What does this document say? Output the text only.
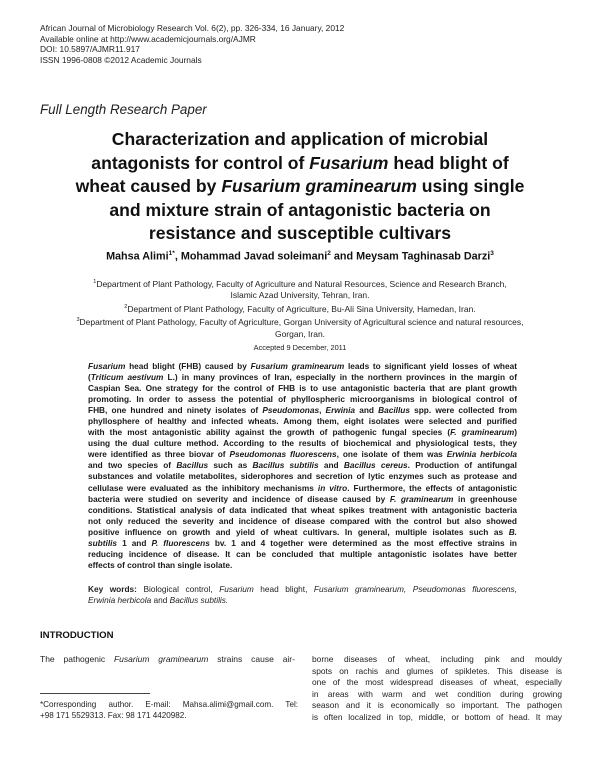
African Journal of Microbiology Research Vol. 6(2), pp. 326-334, 16 January, 2012
Available online at http://www.academicjournals.org/AJMR
DOI: 10.5897/AJMR11.917
ISSN 1996-0808 ©2012 Academic Journals
Full Length Research Paper
Characterization and application of microbial
antagonists for control of Fusarium head blight of
wheat caused by Fusarium graminearum using single
and mixture strain of antagonistic bacteria on
resistance and susceptible cultivars
Mahsa Alimi$^{1*}$, Mohammad Javad soleimani$^2$ and Meysam Taghinasab Darzi$^3$
$^1$Department of Plant Pathology, Faculty of Agriculture and Natural Resources, Science and Research Branch,
Islamic Azad University, Tehran, Iran.
$^2$Department of Plant Pathology, Faculty of Agriculture, Bu-Ali Sina University, Hamedan, Iran.
$^3$Department of Plant Pathology, Faculty of Agriculture, Gorgan University of Agricultural science and natural resources,
Gorgan, Iran.
Accepted 9 December, 2011
Fusarium head blight (FHB) caused by Fusarium graminearum leads to significant yield losses of wheat
(Triticum aestivum L.) in many provinces of Iran, especially in the northern provinces in the margin of
Caspian Sea. One strategy for the control of FHB is to use antagonistic bacteria that are plant growth
promoting. In order to assess the potential of phyllospheric microorganisms in biological control of
FHB, one hundred and ninety isolates of Pseudomonas, Erwinia and Bacillus spp. were collected from
phyllosphere of healthy and infected wheats. Among them, eight isolates were selected and purified
with the most antagonistic ability against the growth of pathogenic fungal species (F. graminearum)
using the dual culture method. According to the results of biochemical and physiological tests, they
were identified as three biovar of Pseudomonas fluorescens, one isolate of them was Erwinia herbicola
and two species of Bacillus such as Bacillus subtilis and Bacillus cereus. Production of antifungal
substances and volatile metabolites, siderophores and secretion of lytic enzymes such as protease and
cellulase were evaluated as the inhibitory mechanisms in vitro. Furthermore, the effects of antagonistic
bacteria were studied on severity and incidence of disease caused by F. graminearum in greenhouse
conditions. Statistical analysis of data indicated that wheat spikes treatment with antagonistic bacteria
not only reduced the severity and incidence of disease compared with the control but also showed
positive influence on growth and yield of wheat cultivars. In general, multiple isolates such as B.
subtilis 1 and P. fluorescens bv. 1 and 4 together were determined as the most effective strains in
reducing incidence of disease. It can be concluded that multiple antagonistic isolates have better
effects of control than single isolate.
Key words: Biological control, Fusarium head blight, Fusarium graminearum, Pseudomonas fluorescens,
Erwinia herbicola and Bacillus subtilis.
INTRODUCTION
The pathogenic Fusarium graminearum strains cause air- borne diseases of wheat, including pink and mouldy
spots on rachis and glumes of spikletes. This disease is
one of the most widespread diseases of wheat, especially
in areas with warm and wet condition during growing
season and it is economically so important. The pathogen
is often localized in top, middle, or bottom of head. It may
*Corresponding author. E-mail: Mahsa.alimi@gmail.com. Tel:
+98 171 5529313. Fax: 98 171 4420982.
